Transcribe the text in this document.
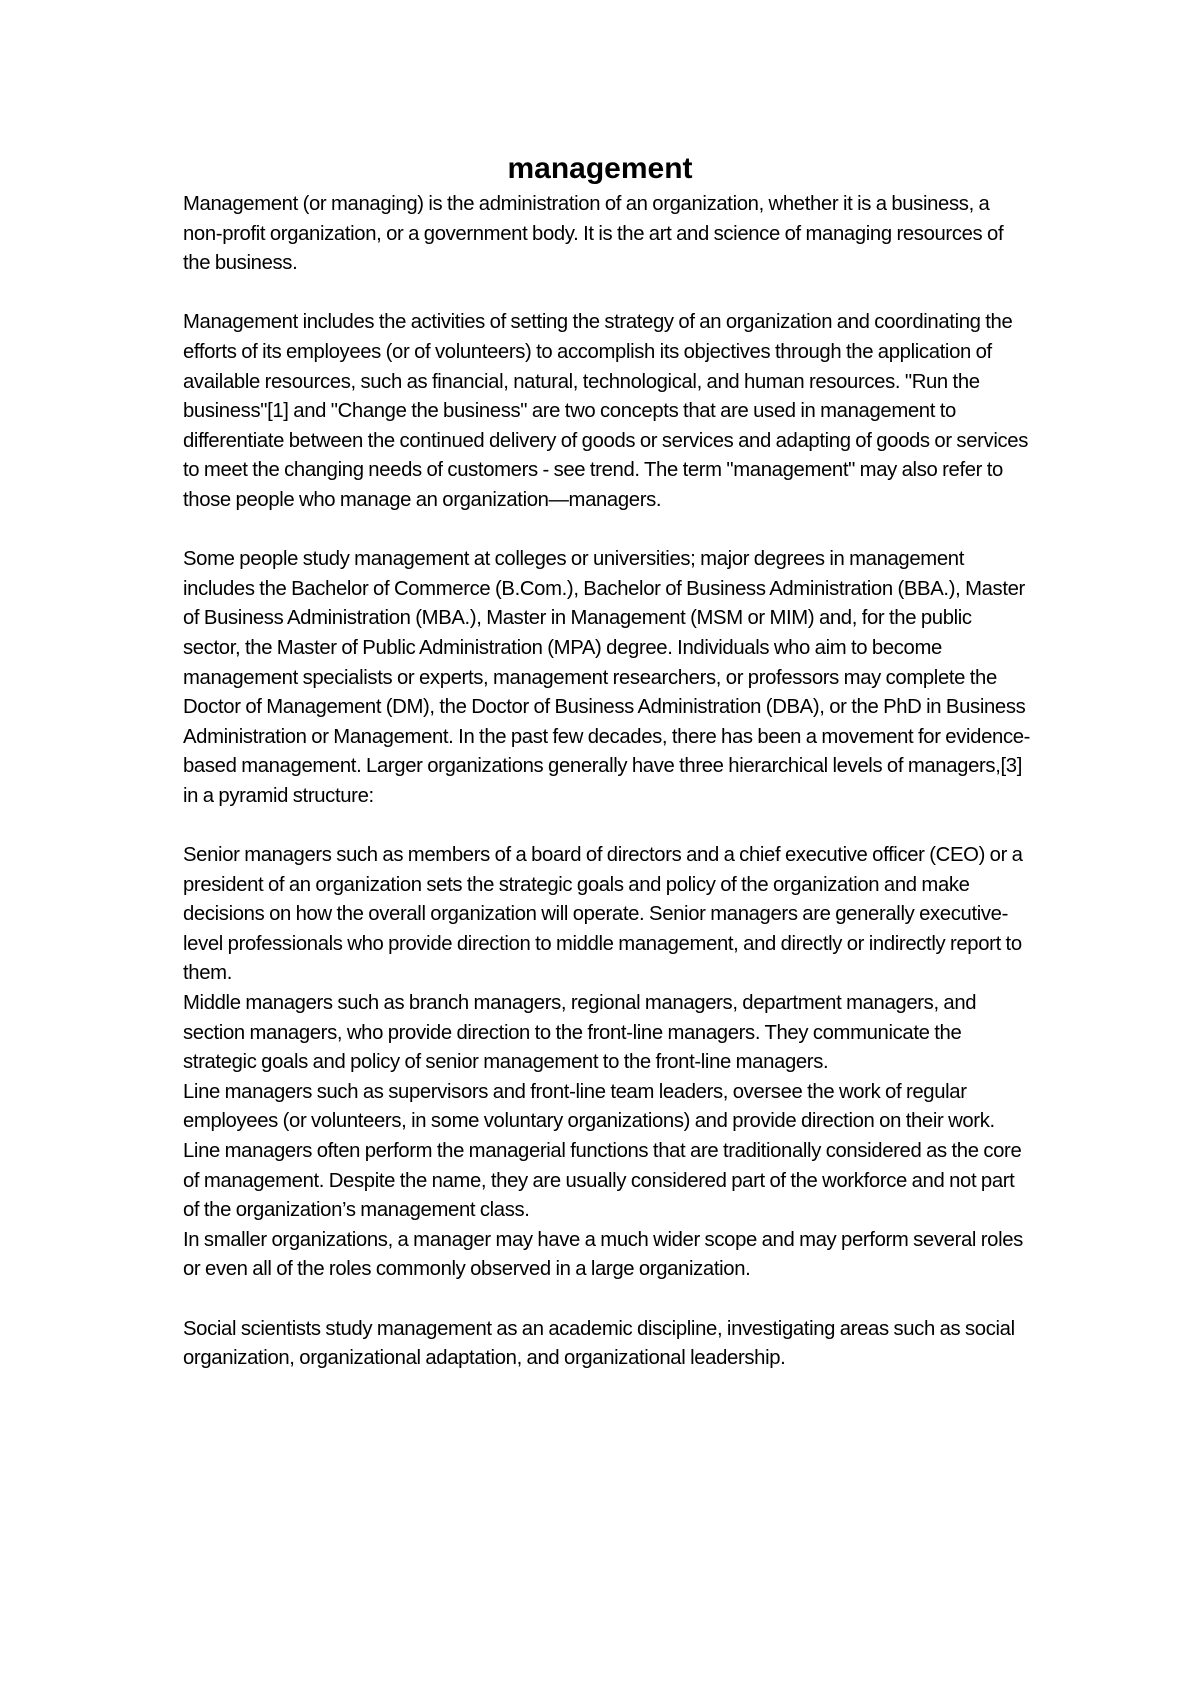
management

Management (or managing) is the administration of an organization, whether it is a business, a non-profit organization, or a government body. It is the art and science of managing resources of the business.

Management includes the activities of setting the strategy of an organization and coordinating the efforts of its employees (or of volunteers) to accomplish its objectives through the application of available resources, such as financial, natural, technological, and human resources. "Run the business"[1] and "Change the business" are two concepts that are used in management to differentiate between the continued delivery of goods or services and adapting of goods or services to meet the changing needs of customers - see trend. The term "management" may also refer to those people who manage an organization—managers.

Some people study management at colleges or universities; major degrees in management includes the Bachelor of Commerce (B.Com.), Bachelor of Business Administration (BBA.), Master of Business Administration (MBA.), Master in Management (MSM or MIM) and, for the public sector, the Master of Public Administration (MPA) degree. Individuals who aim to become management specialists or experts, management researchers, or professors may complete the Doctor of Management (DM), the Doctor of Business Administration (DBA), or the PhD in Business Administration or Management. In the past few decades, there has been a movement for evidence-based management. Larger organizations generally have three hierarchical levels of managers,[3] in a pyramid structure:

Senior managers such as members of a board of directors and a chief executive officer (CEO) or a president of an organization sets the strategic goals and policy of the organization and make decisions on how the overall organization will operate. Senior managers are generally executive-level professionals who provide direction to middle management, and directly or indirectly report to them.

Middle managers such as branch managers, regional managers, department managers, and section managers, who provide direction to the front-line managers. They communicate the strategic goals and policy of senior management to the front-line managers.

Line managers such as supervisors and front-line team leaders, oversee the work of regular employees (or volunteers, in some voluntary organizations) and provide direction on their work. Line managers often perform the managerial functions that are traditionally considered as the core of management. Despite the name, they are usually considered part of the workforce and not part of the organization’s management class.

In smaller organizations, a manager may have a much wider scope and may perform several roles or even all of the roles commonly observed in a large organization.

Social scientists study management as an academic discipline, investigating areas such as social organization, organizational adaptation, and organizational leadership.
